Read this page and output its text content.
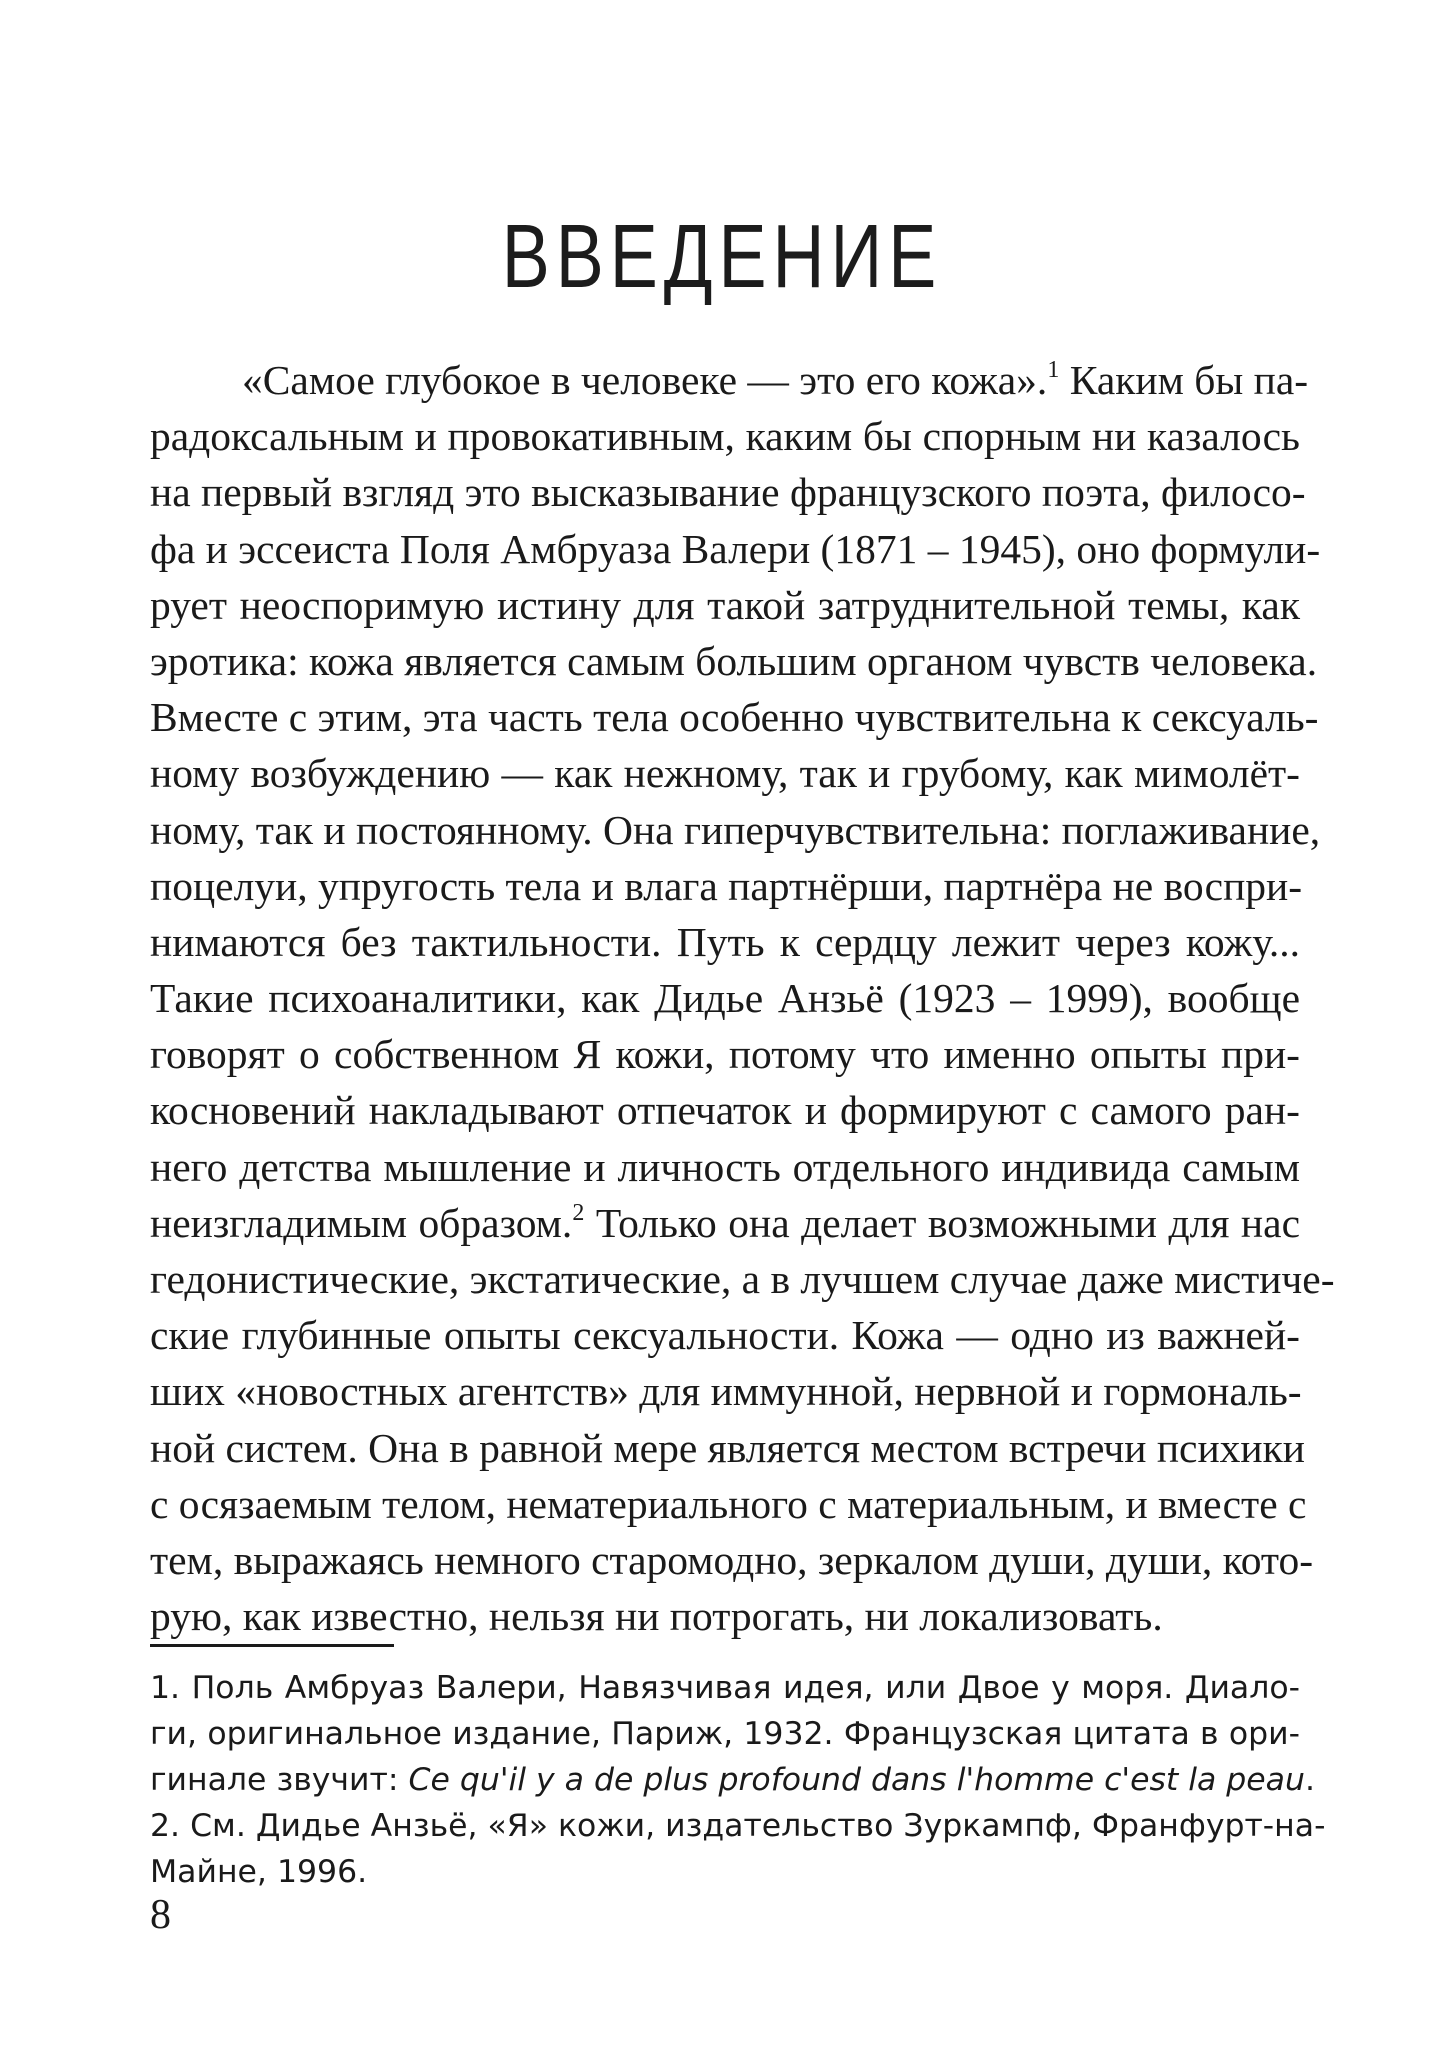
ВВЕДЕНИЕ
«Самое глубокое в человеке — это его кожа».$^1$ Каким бы па-
радоксальным и провокативным, каким бы спорным ни казалось
на первый взгляд это высказывание французского поэта, филосо-
фа и эссеиста Поля Амбруаза Валери (1871 – 1945), оно формули-
рует неоспоримую истину для такой затруднительной темы, как
эротика: кожа является самым большим органом чувств человека.
Вместе с этим, эта часть тела особенно чувствительна к сексуаль-
ному возбуждению — как нежному, так и грубому, как мимолёт-
ному, так и постоянному. Она гиперчувствительна: поглаживание,
поцелуи, упругость тела и влага партнёрши, партнёра не воспри-
нимаются без тактильности. Путь к сердцу лежит через кожу...
Такие психоаналитики, как Дидье Анзьё (1923 – 1999), вообще
говорят о собственном Я кожи, потому что именно опыты при-
косновений накладывают отпечаток и формируют с самого ран-
него детства мышление и личность отдельного индивида самым
неизгладимым образом.$^2$ Только она делает возможными для нас
гедонистические, экстатические, а в лучшем случае даже мистиче-
ские глубинные опыты сексуальности. Кожа — одно из важней-
ших «новостных агентств» для иммунной, нервной и гормональ-
ной систем. Она в равной мере является местом встречи психики
с осязаемым телом, нематериального с материальным, и вместе с
тем, выражаясь немного старомодно, зеркалом души, души, кото-
рую, как известно, нельзя ни потрогать, ни локализовать.
1. Поль Амбруаз Валери, Навязчивая идея, или Двое у моря. Диало-
ги, оригинальное издание, Париж, 1932. Французская цитата в ори-
гинале звучит: Ce qu'il y a de plus profound dans l'homme c'est la peau.
2. См. Дидье Анзьё, «Я» кожи, издательство Зуркампф, Франфурт-на-
Майне, 1996.
8
